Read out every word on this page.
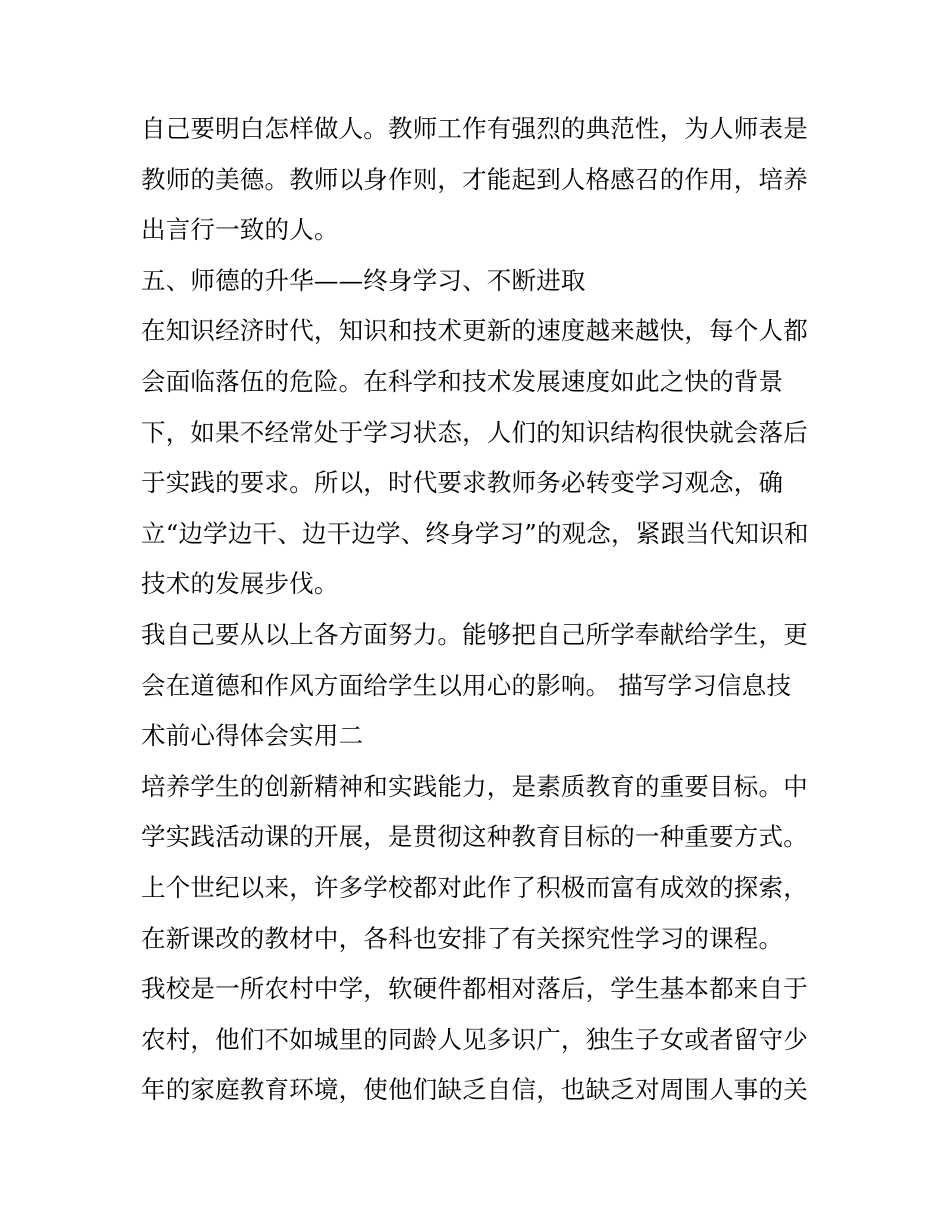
自己要明白怎样做人。教师工作有强烈的典范性，为人师表是
教师的美德。教师以身作则，才能起到人格感召的作用，培养
出言行一致的人。
五、师德的升华——终身学习、不断进取
在知识经济时代，知识和技术更新的速度越来越快，每个人都
会面临落伍的危险。在科学和技术发展速度如此之快的背景
下，如果不经常处于学习状态，人们的知识结构很快就会落后
于实践的要求。所以，时代要求教师务必转变学习观念，确
立“边学边干、边干边学、终身学习”的观念，紧跟当代知识和
技术的发展步伐。
我自己要从以上各方面努力。能够把自己所学奉献给学生，更
会在道德和作风方面给学生以用心的影响。 描写学习信息技
术前心得体会实用二
培养学生的创新精神和实践能力，是素质教育的重要目标。中
学实践活动课的开展，是贯彻这种教育目标的一种重要方式。
上个世纪以来，许多学校都对此作了积极而富有成效的探索，
在新课改的教材中，各科也安排了有关探究性学习的课程。
我校是一所农村中学，软硬件都相对落后，学生基本都来自于
农村，他们不如城里的同龄人见多识广，独生子女或者留守少
年的家庭教育环境，使他们缺乏自信，也缺乏对周围人事的关
